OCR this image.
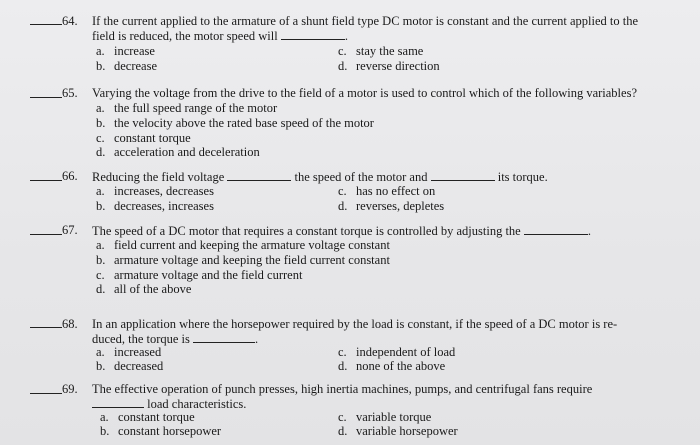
64. If the current applied to the armature of a shunt field type DC motor is constant and the current applied to the
field is reduced, the motor speed will	.
a. increase
b. decrease
c. stay the same
d. reverse direction
65. Varying the voltage from the drive to the field of a motor is used to control which of the following variables?
a. the full speed range of the motor
b. the velocity above the rated base speed of the motor
c. constant torque
d. acceleration and deceleration
66. Reducing the field voltage	the speed of the motor and	its torque.
a. increases, decreases
b. decreases, increases
c. has no effect on
d. reverses, depletes
67. The speed of a DC motor that requires a constant torque is controlled by adjusting the	.
a. field current and keeping the armature voltage constant
b. armature voltage and keeping the field current constant
c. armature voltage and the field current
d. all of the above
68. In an application where the horsepower required by the load is constant, if the speed of a DC motor is re-
duced, the torque is	.
a. increased
b. decreased
c. independent of load
d. none of the above
69. The effective operation of punch presses, high inertia machines, pumps, and centrifugal fans require
load characteristics.
a. constant torque
b. constant horsepower
c. variable torque
d. variable horsepower
